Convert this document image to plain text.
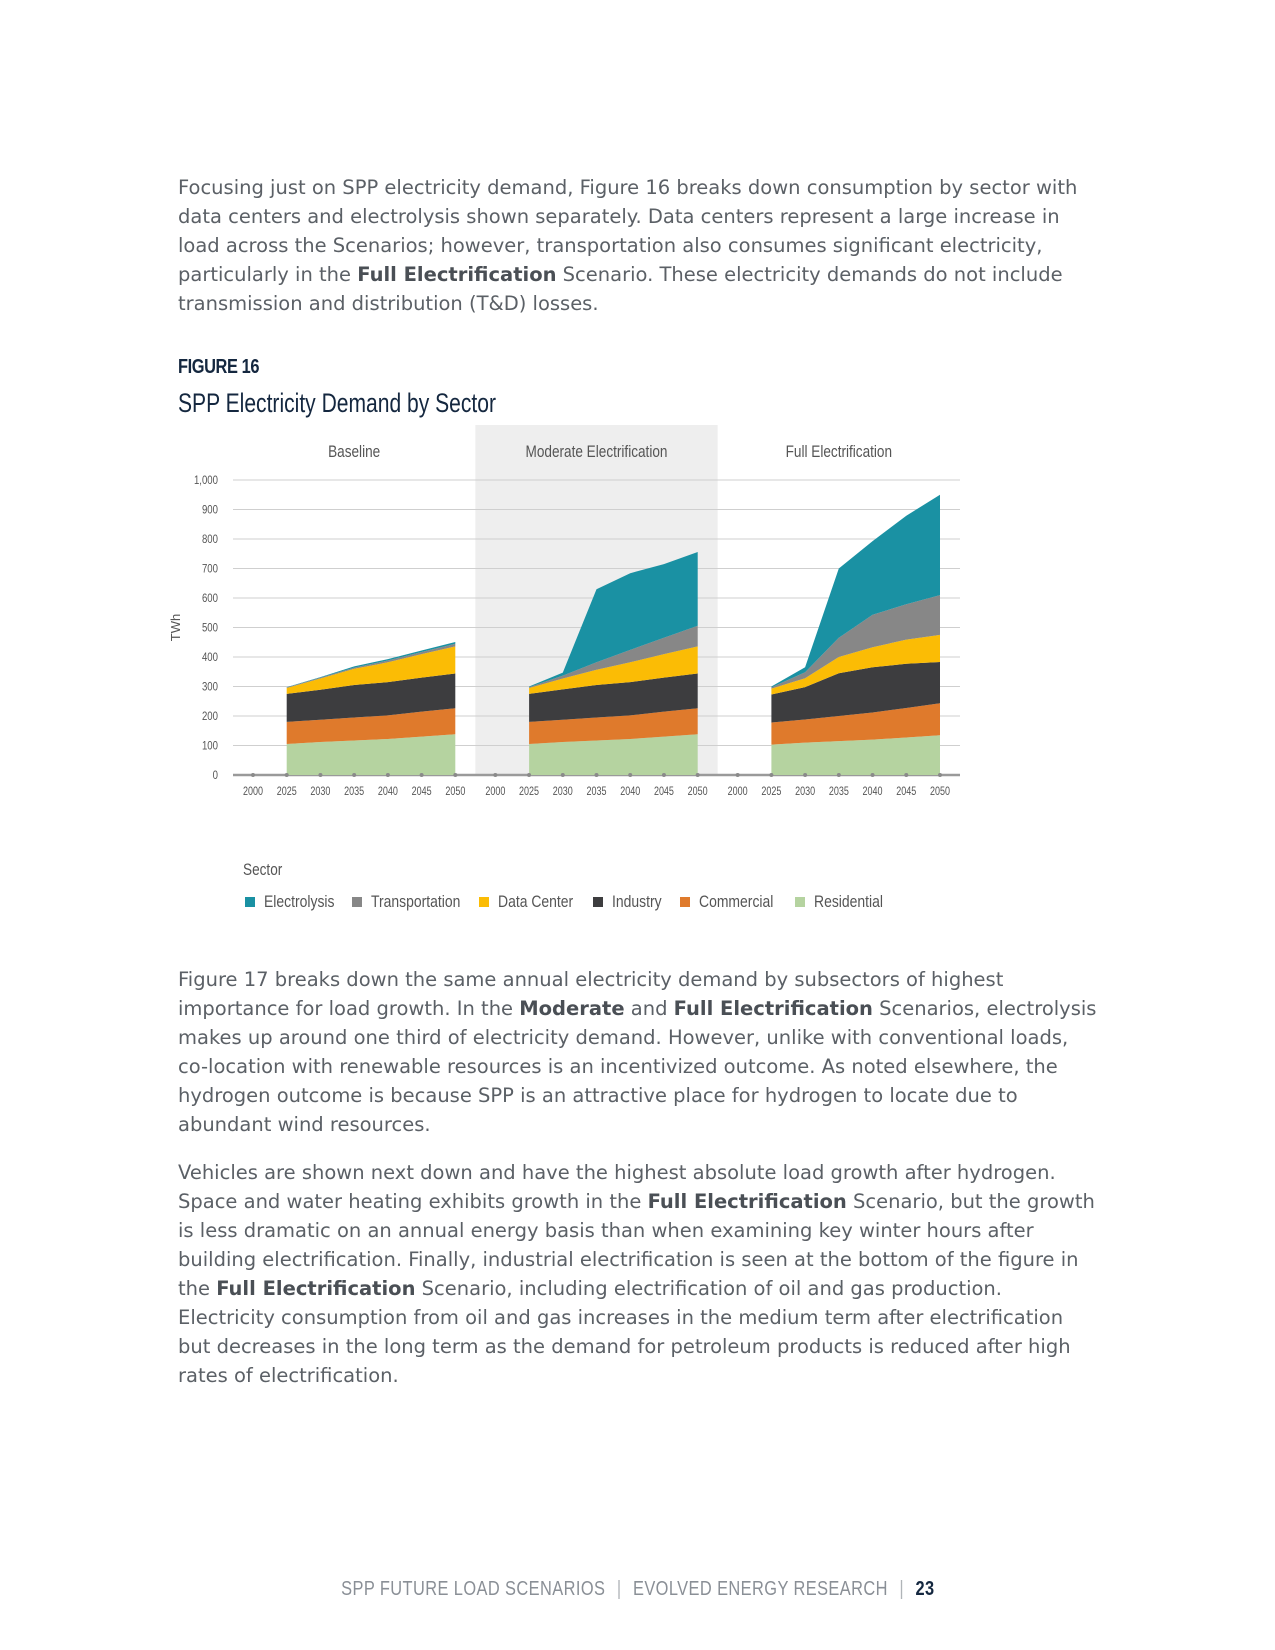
Focusing just on SPP electricity demand, Figure 16 breaks down consumption by sector with data centers and electrolysis shown separately. Data centers represent a large increase in load across the Scenarios; however, transportation also consumes significant electricity, particularly in the Full Electrification Scenario. These electricity demands do not include transmission and distribution (T&D) losses.

FIGURE 16

SPP Electricity Demand by Sector

0
100
200
300
400
500
600
700
800
900
1,000
TWh
Baseline
2000 2025 2030 2035 2040 2045 2050
Moderate Electrification
2000 2025 2030 2035 2040 2045 2050
Full Electrification
2000 2025 2030 2035 2040 2045 2050

Sector

Electrolysis Transportation Data Center Industry Commercial Residential

Figure 17 breaks down the same annual electricity demand by subsectors of highest importance for load growth. In the Moderate and Full Electrification Scenarios, electrolysis makes up around one third of electricity demand. However, unlike with conventional loads, co-location with renewable resources is an incentivized outcome. As noted elsewhere, the hydrogen outcome is because SPP is an attractive place for hydrogen to locate due to abundant wind resources.

Vehicles are shown next down and have the highest absolute load growth after hydrogen. Space and water heating exhibits growth in the Full Electrification Scenario, but the growth is less dramatic on an annual energy basis than when examining key winter hours after building electrification. Finally, industrial electrification is seen at the bottom of the figure in the Full Electrification Scenario, including electrification of oil and gas production. Electricity consumption from oil and gas increases in the medium term after electrification but decreases in the long term as the demand for petroleum products is reduced after high rates of electrification.

SPP FUTURE LOAD SCENARIOS | EVOLVED ENERGY RESEARCH | 23
